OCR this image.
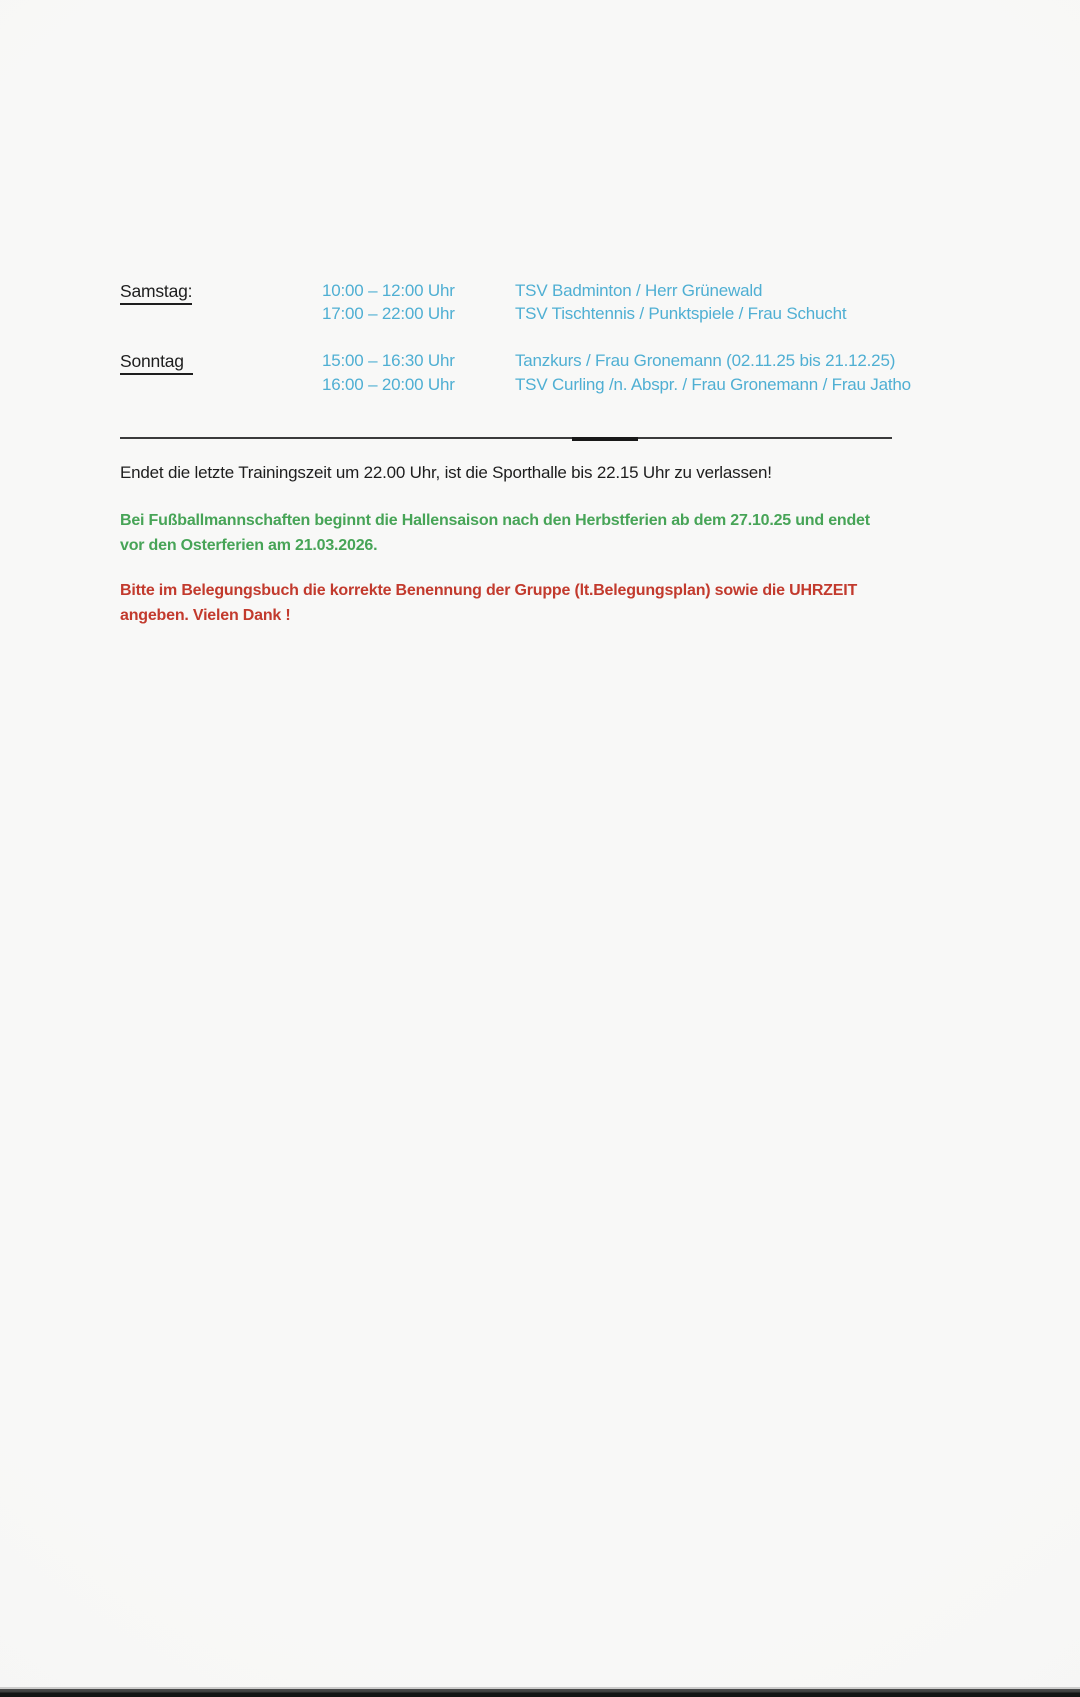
Samstag:	10:00 – 12:00 Uhr	TSV Badminton / Herr Grünewald
17:00 – 22:00 Uhr	TSV Tischtennis / Punktspiele / Frau Schucht
Sonntag	15:00 – 16:30 Uhr	Tanzkurs / Frau Gronemann (02.11.25 bis 21.12.25)
16:00 – 20:00 Uhr	TSV Curling /n. Abspr. / Frau Gronemann / Frau Jatho
Endet die letzte Trainingszeit um 22.00 Uhr, ist die Sporthalle bis 22.15 Uhr zu verlassen!
Bei Fußballmannschaften beginnt die Hallensaison nach den Herbstferien ab dem 27.10.25 und endet
vor den Osterferien am 21.03.2026.
Bitte im Belegungsbuch die korrekte Benennung der Gruppe (lt.Belegungsplan) sowie die UHRZEIT
angeben. Vielen Dank !
